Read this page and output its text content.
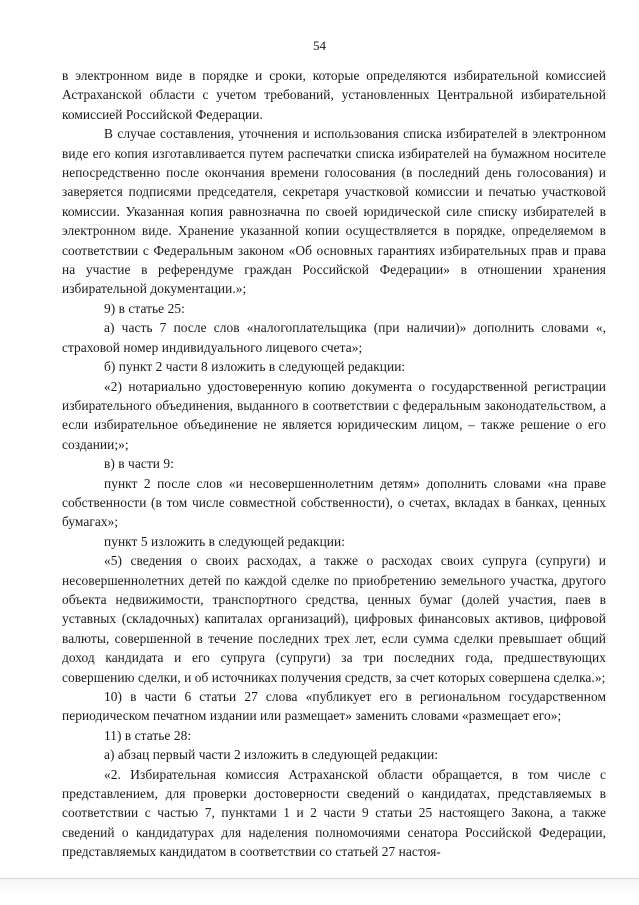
54

в электронном виде в порядке и сроки, которые определяются избирательной комиссией Астраханской области с учетом требований, установленных Центральной избирательной комиссией Российской Федерации.

В случае составления, уточнения и использования списка избирателей в электронном виде его копия изготавливается путем распечатки списка избирателей на бумажном носителе непосредственно после окончания времени голосования (в последний день голосования) и заверяется подписями председателя, секретаря участковой комиссии и печатью участковой комиссии. Указанная копия равнозначна по своей юридической силе списку избирателей в электронном виде. Хранение указанной копии осуществляется в порядке, определяемом в соответствии с Федеральным законом «Об основных гарантиях избирательных прав и права на участие в референдуме граждан Российской Федерации» в отношении хранения избирательной документации.»;

9) в статье 25:

а) часть 7 после слов «налогоплательщика (при наличии)» дополнить словами «, страховой номер индивидуального лицевого счета»;

б) пункт 2 части 8 изложить в следующей редакции:

«2) нотариально удостоверенную копию документа о государственной регистрации избирательного объединения, выданного в соответствии с федеральным законодательством, а если избирательное объединение не является юридическим лицом, – также решение о его создании;»;

в) в части 9:

пункт 2 после слов «и несовершеннолетним детям» дополнить словами «на праве собственности (в том числе совместной собственности), о счетах, вкладах в банках, ценных бумагах»;

пункт 5 изложить в следующей редакции:

«5) сведения о своих расходах, а также о расходах своих супруга (супруги) и несовершеннолетних детей по каждой сделке по приобретению земельного участка, другого объекта недвижимости, транспортного средства, ценных бумаг (долей участия, паев в уставных (складочных) капиталах организаций), цифровых финансовых активов, цифровой валюты, совершенной в течение последних трех лет, если сумма сделки превышает общий доход кандидата и его супруга (супруги) за три последних года, предшествующих совершению сделки, и об источниках получения средств, за счет которых совершена сделка.»;

10) в части 6 статьи 27 слова «публикует его в региональном государственном периодическом печатном издании или размещает» заменить словами «размещает его»;

11) в статье 28:

а) абзац первый части 2 изложить в следующей редакции:

«2. Избирательная комиссия Астраханской области обращается, в том числе с представлением, для проверки достоверности сведений о кандидатах, представляемых в соответствии с частью 7, пунктами 1 и 2 части 9 статьи 25 настоящего Закона, а также сведений о кандидатурах для наделения полномочиями сенатора Российской Федерации, представляемых кандидатом в соответствии со статьей 27 настоя-
